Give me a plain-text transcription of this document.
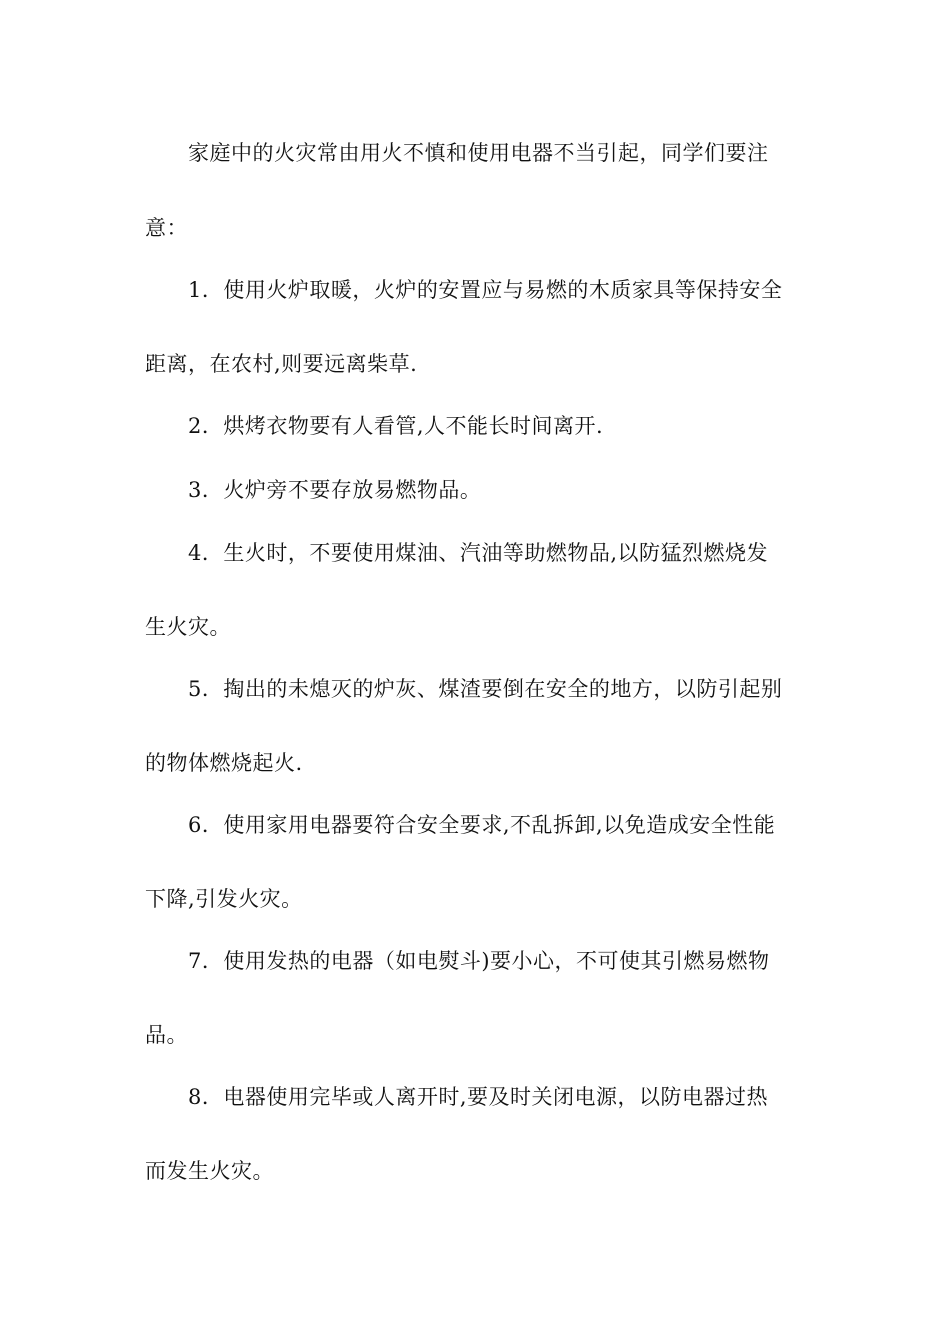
家庭中的火灾常由用火不慎和使用电器不当引起，同学们要注
意：
1．使用火炉取暖，火炉的安置应与易燃的木质家具等保持安全
距离，在农村,则要远离柴草.
2．烘烤衣物要有人看管,人不能长时间离开.
3．火炉旁不要存放易燃物品。
4．生火时，不要使用煤油、汽油等助燃物品,以防猛烈燃烧发
生火灾。
5．掏出的未熄灭的炉灰、煤渣要倒在安全的地方，以防引起别
的物体燃烧起火.
6．使用家用电器要符合安全要求,不乱拆卸,以免造成安全性能
下降,引发火灾。
7．使用发热的电器（如电熨斗)要小心，不可使其引燃易燃物
品。
8．电器使用完毕或人离开时,要及时关闭电源，以防电器过热
而发生火灾。
